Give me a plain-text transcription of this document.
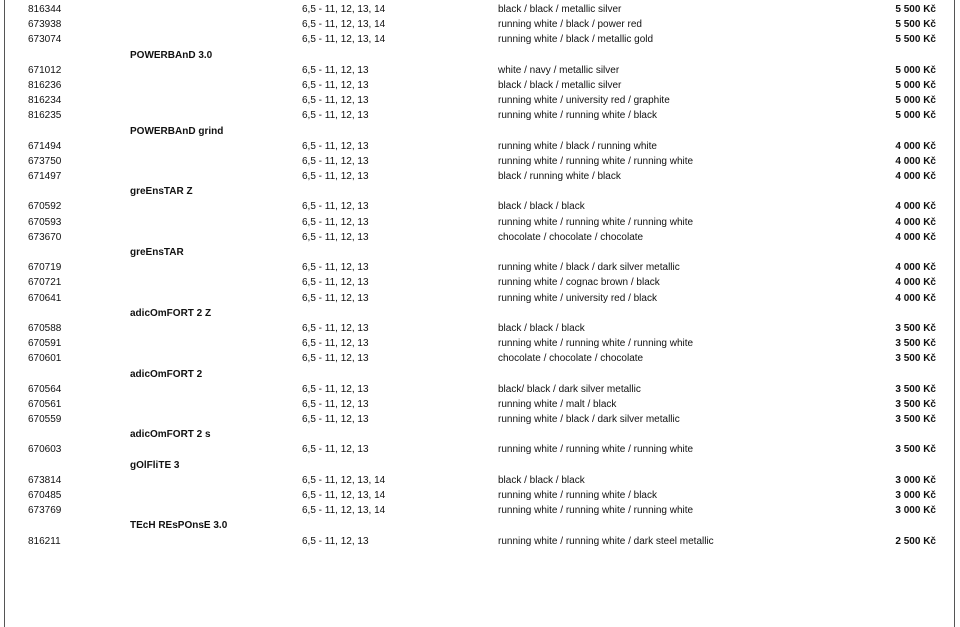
816344	6,5 - 11, 12, 13, 14	black / black / metallic silver	5 500 Kč
673938	6,5 - 11, 12, 13, 14	running white / black / power red	5 500 Kč
673074	6,5 - 11, 12, 13, 14	running white / black / metallic gold	5 500 Kč
POWERBAnD 3.0
671012	6,5 - 11, 12, 13	white / navy / metallic silver	5 000 Kč
816236	6,5 - 11, 12, 13	black / black / metallic silver	5 000 Kč
816234	6,5 - 11, 12, 13	running white / university red / graphite	5 000 Kč
816235	6,5 - 11, 12, 13	running white / running white / black	5 000 Kč
POWERBAnD grind
671494	6,5 - 11, 12, 13	running white / black / running white	4 000 Kč
673750	6,5 - 11, 12, 13	running white / running white / running white	4 000 Kč
671497	6,5 - 11, 12, 13	black / running white / black	4 000 Kč
greEnsTAR Z
670592	6,5 - 11, 12, 13	black / black / black	4 000 Kč
670593	6,5 - 11, 12, 13	running white / running white / running white	4 000 Kč
673670	6,5 - 11, 12, 13	chocolate / chocolate / chocolate	4 000 Kč
greEnsTAR
670719	6,5 - 11, 12, 13	running white / black / dark silver metallic	4 000 Kč
670721	6,5 - 11, 12, 13	running white / cognac brown / black	4 000 Kč
670641	6,5 - 11, 12, 13	running white / university red / black	4 000 Kč
adicOmFORT 2 Z
670588	6,5 - 11, 12, 13	black / black / black	3 500 Kč
670591	6,5 - 11, 12, 13	running white / running white / running white	3 500 Kč
670601	6,5 - 11, 12, 13	chocolate / chocolate / chocolate	3 500 Kč
adicOmFORT 2
670564	6,5 - 11, 12, 13	black/ black / dark silver metallic	3 500 Kč
670561	6,5 - 11, 12, 13	running white / malt / black	3 500 Kč
670559	6,5 - 11, 12, 13	running white / black / dark silver metallic	3 500 Kč
adicOmFORT 2 s
670603	6,5 - 11, 12, 13	running white / running white / running white	3 500 Kč
gOlFliTE 3
673814	6,5 - 11, 12, 13, 14	black / black / black	3 000 Kč
670485	6,5 - 11, 12, 13, 14	running white / running white / black	3 000 Kč
673769	6,5 - 11, 12, 13, 14	running white / running white / running white	3 000 Kč
TEcH REsPOnsE 3.0
816211	6,5 - 11, 12, 13	running white / running white / dark steel metallic	2 500 Kč
